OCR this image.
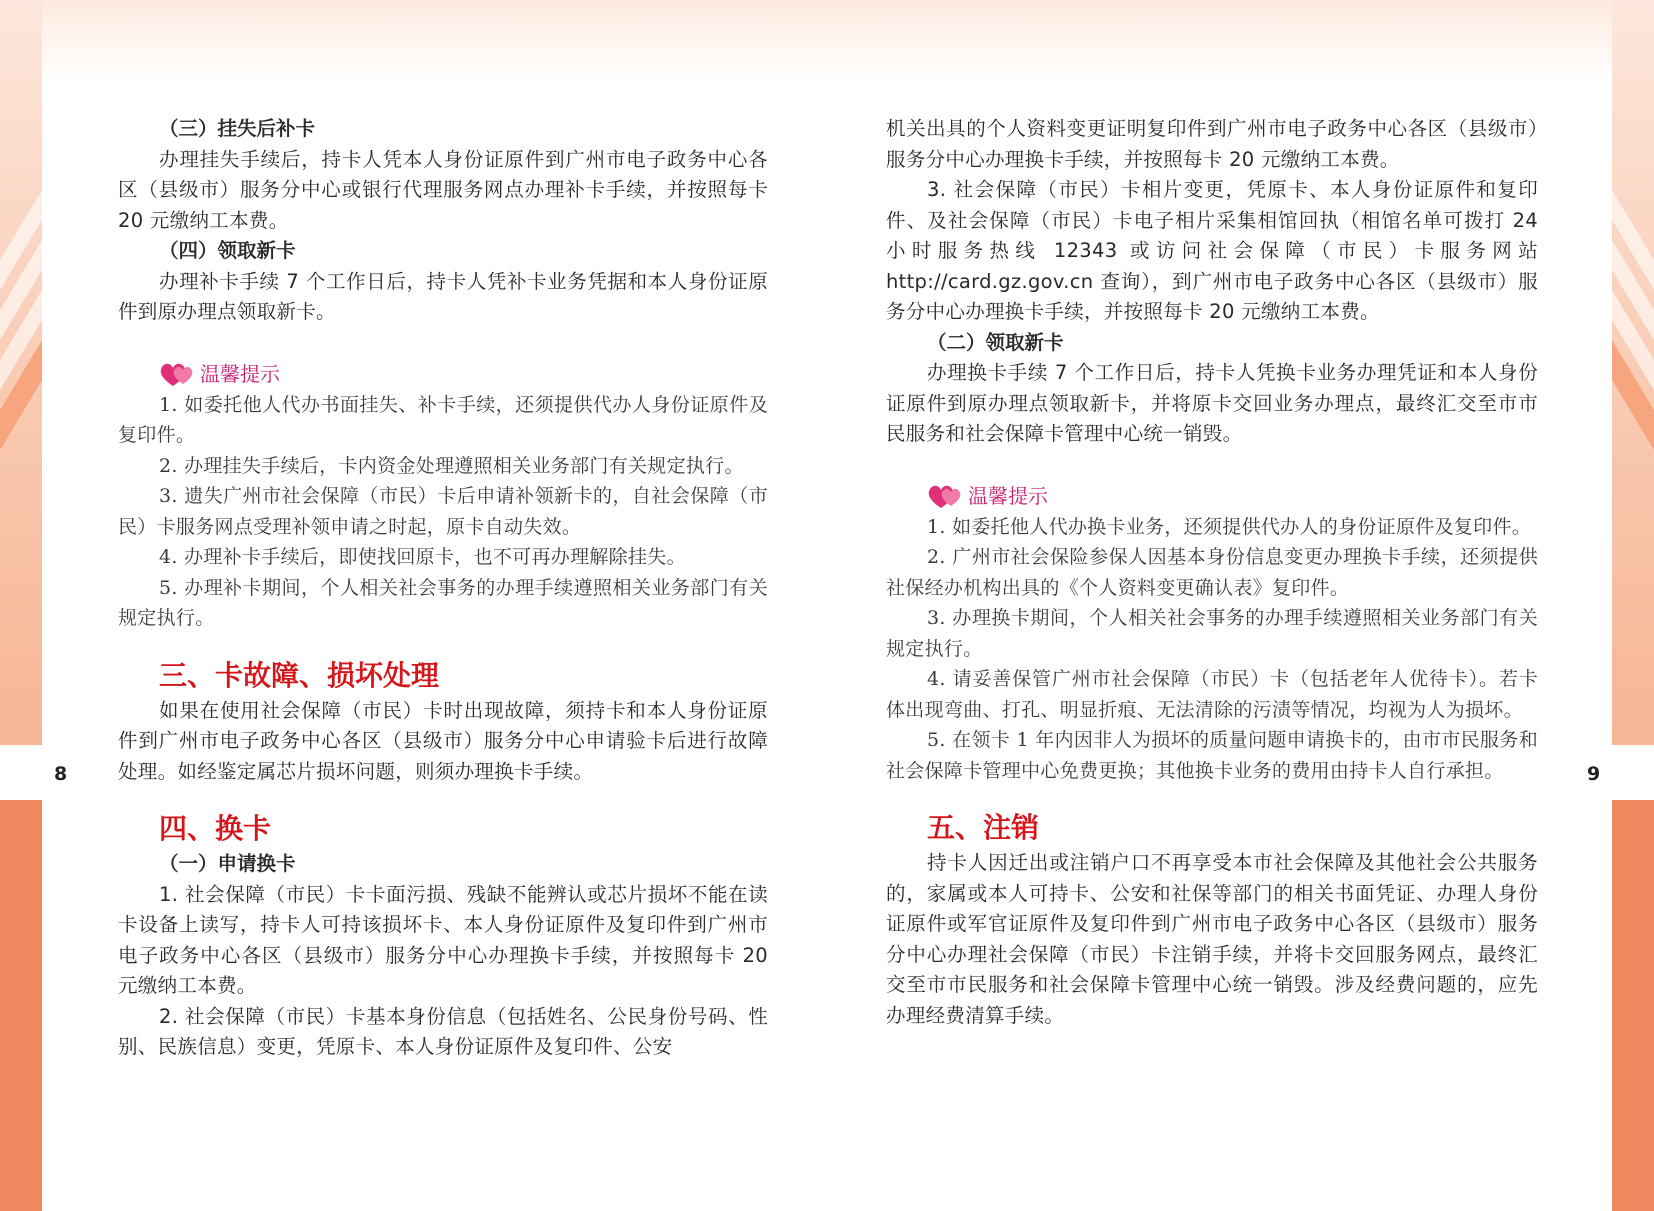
8	9

（三）挂失后补卡

办理挂失手续后，持卡人凭本人身份证原件到广州市电子政务中心各区（县级市）服务分中心或银行代理服务网点办理补卡手续，并按照每卡 20 元缴纳工本费。

（四）领取新卡

办理补卡手续 7 个工作日后，持卡人凭补卡业务凭据和本人身份证原件到原办理点领取新卡。

温馨提示

1. 如委托他人代办书面挂失、补卡手续，还须提供代办人身份证原件及复印件。

2. 办理挂失手续后，卡内资金处理遵照相关业务部门有关规定执行。

3. 遗失广州市社会保障（市民）卡后申请补领新卡的，自社会保障（市民）卡服务网点受理补领申请之时起，原卡自动失效。

4. 办理补卡手续后，即使找回原卡，也不可再办理解除挂失。

5. 办理补卡期间，个人相关社会事务的办理手续遵照相关业务部门有关规定执行。

三、卡故障、损坏处理

如果在使用社会保障（市民）卡时出现故障，须持卡和本人身份证原件到广州市电子政务中心各区（县级市）服务分中心申请验卡后进行故障处理。如经鉴定属芯片损坏问题，则须办理换卡手续。

四、换卡

（一）申请换卡

1. 社会保障（市民）卡卡面污损、残缺不能辨认或芯片损坏不能在读卡设备上读写，持卡人可持该损坏卡、本人身份证原件及复印件到广州市电子政务中心各区（县级市）服务分中心办理换卡手续，并按照每卡 20 元缴纳工本费。

2. 社会保障（市民）卡基本身份信息（包括姓名、公民身份号码、性别、民族信息）变更，凭原卡、本人身份证原件及复印件、公安

机关出具的个人资料变更证明复印件到广州市电子政务中心各区（县级市）服务分中心办理换卡手续，并按照每卡 20 元缴纳工本费。

3. 社会保障（市民）卡相片变更，凭原卡、本人身份证原件和复印件、及社会保障（市民）卡电子相片采集相馆回执（相馆名单可拨打 24 小时服务热线 12343 或访问社会保障（市民）卡服务网站 http://card.gz.gov.cn 查询），到广州市电子政务中心各区（县级市）服务分中心办理换卡手续，并按照每卡 20 元缴纳工本费。

（二）领取新卡

办理换卡手续 7 个工作日后，持卡人凭换卡业务办理凭证和本人身份证原件到原办理点领取新卡，并将原卡交回业务办理点，最终汇交至市市民服务和社会保障卡管理中心统一销毁。

温馨提示

1. 如委托他人代办换卡业务，还须提供代办人的身份证原件及复印件。

2. 广州市社会保险参保人因基本身份信息变更办理换卡手续，还须提供社保经办机构出具的《个人资料变更确认表》复印件。

3. 办理换卡期间，个人相关社会事务的办理手续遵照相关业务部门有关规定执行。

4. 请妥善保管广州市社会保障（市民）卡（包括老年人优待卡）。若卡体出现弯曲、打孔、明显折痕、无法清除的污渍等情况，均视为人为损坏。

5. 在领卡 1 年内因非人为损坏的质量问题申请换卡的，由市市民服务和社会保障卡管理中心免费更换；其他换卡业务的费用由持卡人自行承担。

五、注销

持卡人因迁出或注销户口不再享受本市社会保障及其他社会公共服务的，家属或本人可持卡、公安和社保等部门的相关书面凭证、办理人身份证原件或军官证原件及复印件到广州市电子政务中心各区（县级市）服务分中心办理社会保障（市民）卡注销手续，并将卡交回服务网点，最终汇交至市市民服务和社会保障卡管理中心统一销毁。涉及经费问题的，应先办理经费清算手续。
